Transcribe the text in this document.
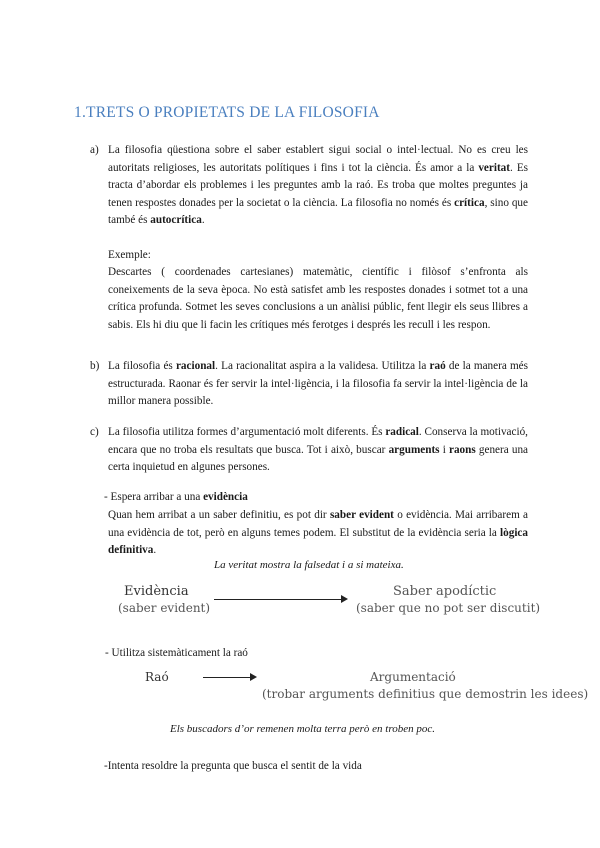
1.TRETS O PROPIETATS DE LA FILOSOFIA
a) La filosofia qüestiona sobre el saber establert sigui social o intel·lectual. No es creu les autoritats religioses, les autoritats polítiques i fins i tot la ciència. És amor a la veritat. Es tracta d’abordar els problemes i les preguntes amb la raó. Es troba que moltes preguntes ja tenen respostes donades per la societat o la ciència. La filosofia no només és crítica, sino que també és autocrítica.
Exemple:
Descartes ( coordenades cartesianes) matemàtic, científic i filòsof s’enfronta als coneixements de la seva època. No està satisfet amb les respostes donades i sotmet tot a una crítica profunda. Sotmet les seves conclusions a un anàlisi públic, fent llegir els seus llibres a sabis. Els hi diu que li facin les crítiques més ferotges i després les recull i les respon.
b) La filosofia és racional. La racionalitat aspira a la validesa. Utilitza la raó de la manera més estructurada. Raonar és fer servir la intel·ligència, i la filosofia fa servir la intel·ligència de la millor manera possible.
c) La filosofia utilitza formes d’argumentació molt diferents. És radical. Conserva la motivació, encara que no troba els resultats que busca. Tot i això, buscar arguments i raons genera una certa inquietud en algunes persones.
- Espera arribar a una evidència
Quan hem arribat a un saber definitiu, es pot dir saber evident o evidència. Mai arribarem a una evidència de tot, però en alguns temes podem. El substitut de la evidència seria la lògica definitiva.
La veritat mostra la falsedat i a si mateixa.
Evidència
(saber evident)
Saber apodíctic
(saber que no pot ser discutit)
- Utilitza sistemàticament la raó
Raó	Argumentació
(trobar arguments definitius que demostrin les idees)
Els buscadors d’or remenen molta terra però en troben poc.
-Intenta resoldre la pregunta que busca el sentit de la vida
